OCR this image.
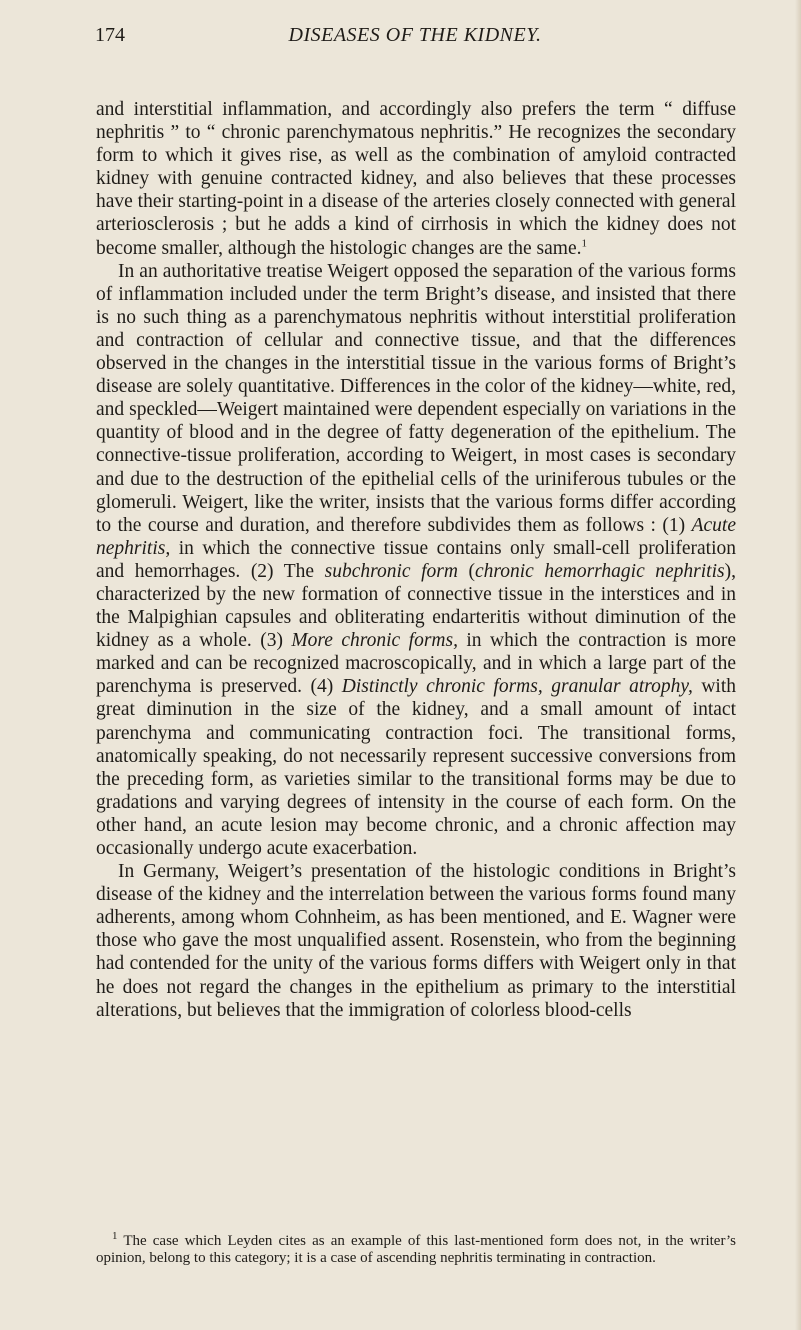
174	DISEASES OF THE KIDNEY.

and interstitial inflammation, and accordingly also prefers the term “ diffuse nephritis ” to “ chronic parenchymatous nephritis.” He recognizes the secondary form to which it gives rise, as well as the combination of amyloid contracted kidney with genuine contracted kidney, and also believes that these processes have their starting-point in a disease of the arteries closely connected with general arteriosclerosis ; but he adds a kind of cirrhosis in which the kidney does not become smaller, although the histologic changes are the same.$^1$

In an authoritative treatise Weigert opposed the separation of the various forms of inflammation included under the term Bright’s disease, and insisted that there is no such thing as a parenchymatous nephritis without interstitial proliferation and contraction of cellular and connective tissue, and that the differences observed in the changes in the interstitial tissue in the various forms of Bright’s disease are solely quantitative. Differences in the color of the kidney—white, red, and speckled—Weigert maintained were dependent especially on variations in the quantity of blood and in the degree of fatty degeneration of the epithelium. The connective-tissue proliferation, according to Weigert, in most cases is secondary and due to the destruction of the epithelial cells of the uriniferous tubules or the glomeruli. Weigert, like the writer, insists that the various forms differ according to the course and duration, and therefore subdivides them as follows : (1) Acute nephritis, in which the connective tissue contains only small-cell proliferation and hemorrhages. (2) The subchronic form (chronic hemorrhagic nephritis), characterized by the new formation of connective tissue in the interstices and in the Malpighian capsules and obliterating endarteritis without diminution of the kidney as a whole. (3) More chronic forms, in which the contraction is more marked and can be recognized macroscopically, and in which a large part of the parenchyma is preserved. (4) Distinctly chronic forms, granular atrophy, with great diminution in the size of the kidney, and a small amount of intact parenchyma and communicating contraction foci. The transitional forms, anatomically speaking, do not necessarily represent successive conversions from the preceding form, as varieties similar to the transitional forms may be due to gradations and varying degrees of intensity in the course of each form. On the other hand, an acute lesion may become chronic, and a chronic affection may occasionally undergo acute exacerbation.

In Germany, Weigert’s presentation of the histologic conditions in Bright’s disease of the kidney and the interrelation between the various forms found many adherents, among whom Cohnheim, as has been mentioned, and E. Wagner were those who gave the most unqualified assent. Rosenstein, who from the beginning had contended for the unity of the various forms differs with Weigert only in that he does not regard the changes in the epithelium as primary to the interstitial alterations, but believes that the immigration of colorless blood-cells

$^1$ The case which Leyden cites as an example of this last-mentioned form does not, in the writer’s opinion, belong to this category; it is a case of ascending nephritis terminating in contraction.
